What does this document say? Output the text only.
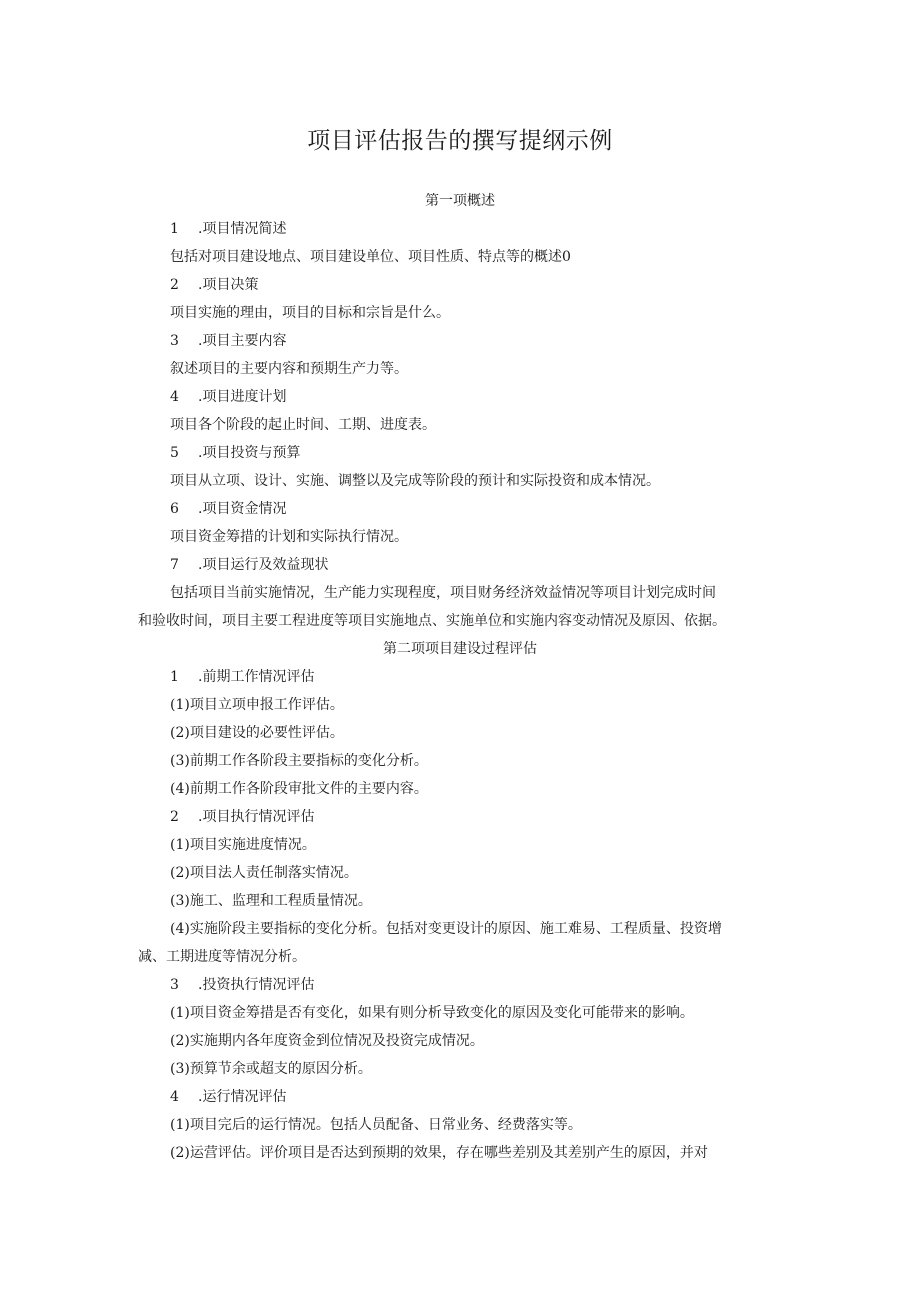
项目评估报告的撰写提纲示例
第一项概述
1 .项目情况简述
包括对项目建设地点、项目建设单位、项目性质、特点等的概述0
2 .项目决策
项目实施的理由，项目的目标和宗旨是什么。
3 .项目主要内容
叙述项目的主要内容和预期生产力等。
4 .项目进度计划
项目各个阶段的起止时间、工期、进度表。
5 .项目投资与预算
项目从立项、设计、实施、调整以及完成等阶段的预计和实际投资和成本情况。
6 .项目资金情况
项目资金筹措的计划和实际执行情况。
7 .项目运行及效益现状
包括项目当前实施情况，生产能力实现程度，项目财务经济效益情况等项目计划完成时间
和验收时间，项目主要工程进度等项目实施地点、实施单位和实施内容变动情况及原因、依据。
第二项项目建设过程评估
1 .前期工作情况评估
(1)项目立项申报工作评估。
(2)项目建设的必要性评估。
(3)前期工作各阶段主要指标的变化分析。
(4)前期工作各阶段审批文件的主要内容。
2 .项目执行情况评估
(1)项目实施进度情况。
(2)项目法人责任制落实情况。
(3)施工、监理和工程质量情况。
(4)实施阶段主要指标的变化分析。包括对变更设计的原因、施工难易、工程质量、投资增
减、工期进度等情况分析。
3 .投资执行情况评估
(1)项目资金筹措是否有变化，如果有则分析导致变化的原因及变化可能带来的影响。
(2)实施期内各年度资金到位情况及投资完成情况。
(3)预算节余或超支的原因分析。
4 .运行情况评估
(1)项目完后的运行情况。包括人员配备、日常业务、经费落实等。
(2)运营评估。评价项目是否达到预期的效果，存在哪些差别及其差别产生的原因，并对
